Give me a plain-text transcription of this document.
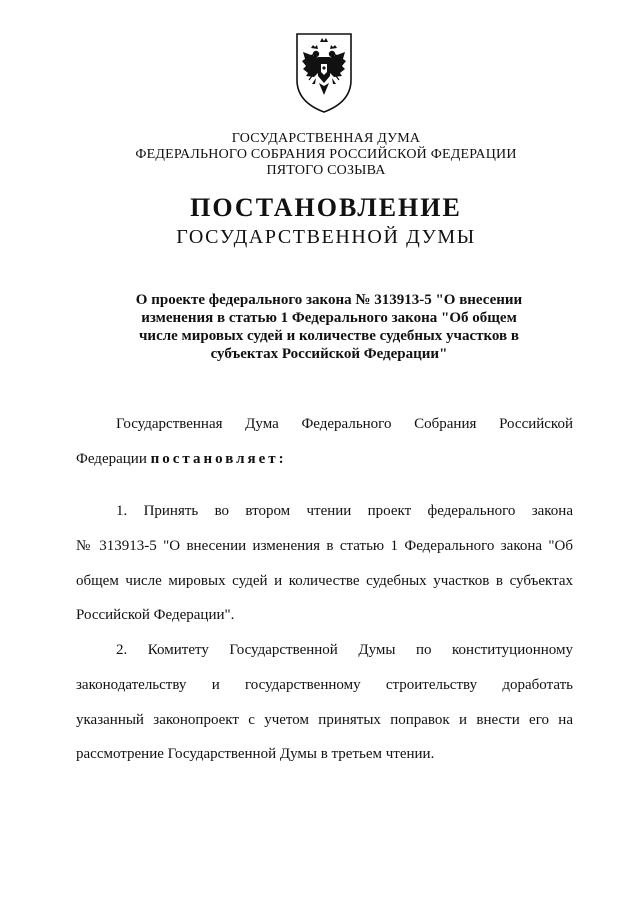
ГОСУДАРСТВЕННАЯ ДУМА
ФЕДЕРАЛЬНОГО СОБРАНИЯ РОССИЙСКОЙ ФЕДЕРАЦИИ
ПЯТОГО СОЗЫВА
ПОСТАНОВЛЕНИЕ
ГОСУДАРСТВЕННОЙ ДУМЫ
О проекте федерального закона № 313913-5 "О внесении
изменения в статью 1 Федерального закона "Об общем
числе мировых судей и количестве судебных участков в
субъектах Российской Федерации"
Государственная Дума Федерального Собрания Российской
Федерации постановляет:
1. Принять во втором чтении проект федерального закона
№ 313913-5 "О внесении изменения в статью 1 Федерального закона "Об
общем числе мировых судей и количестве судебных участков в субъектах
Российской Федерации".
2. Комитету Государственной Думы по конституционному
законодательству и государственному строительству доработать
указанный законопроект с учетом принятых поправок и внести его на
рассмотрение Государственной Думы в третьем чтении.
